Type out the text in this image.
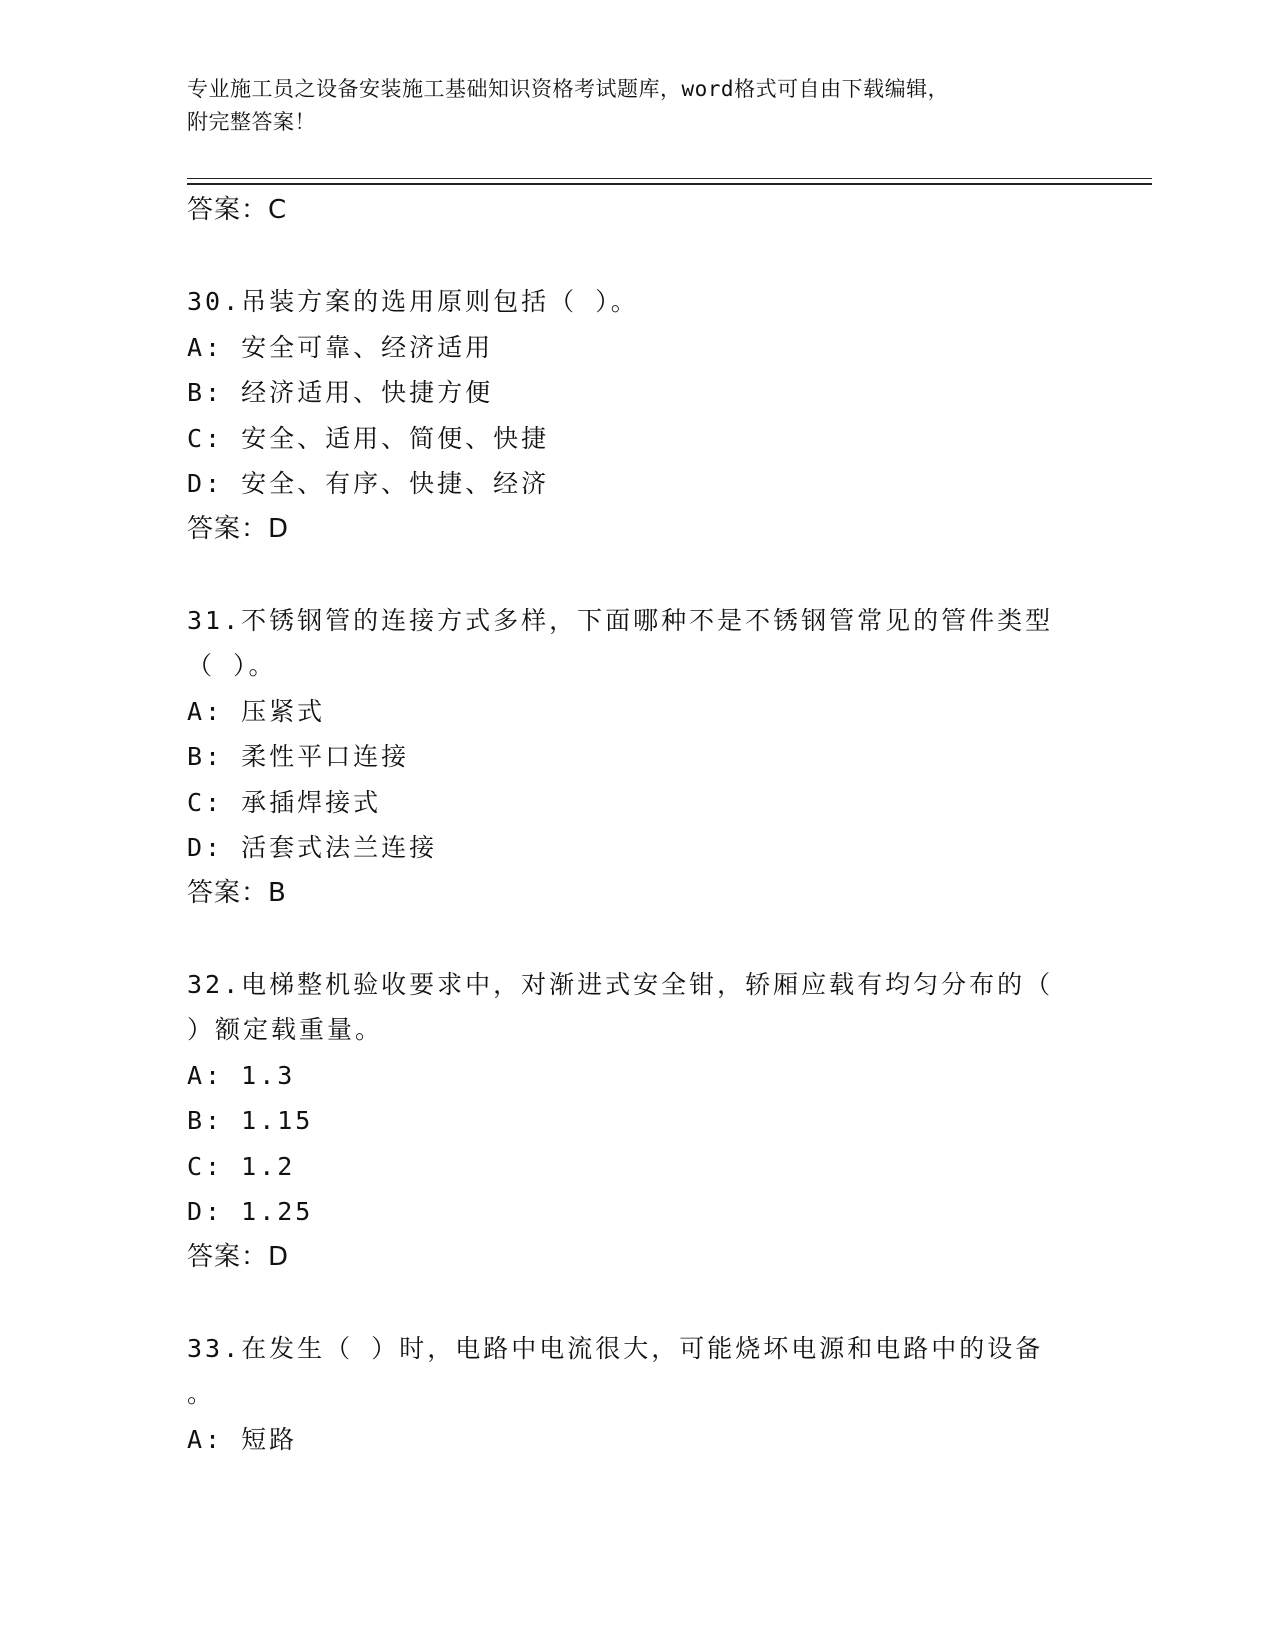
专业施工员之设备安装施工基础知识资格考试题库，word格式可自由下载编辑，
附完整答案！
答案：C
30.吊装方案的选用原则包括（ ）。
A: 安全可靠、经济适用
B: 经济适用、快捷方便
C: 安全、适用、简便、快捷
D: 安全、有序、快捷、经济
答案：D
31.不锈钢管的连接方式多样，下面哪种不是不锈钢管常见的管件类型
（ ）。
A: 压紧式
B: 柔性平口连接
C: 承插焊接式
D: 活套式法兰连接
答案：B
32.电梯整机验收要求中，对渐进式安全钳，轿厢应载有均匀分布的（
）额定载重量。
A: 1.3
B: 1.15
C: 1.2
D: 1.25
答案：D
33.在发生（ ）时，电路中电流很大，可能烧坏电源和电路中的设备
。
A: 短路
